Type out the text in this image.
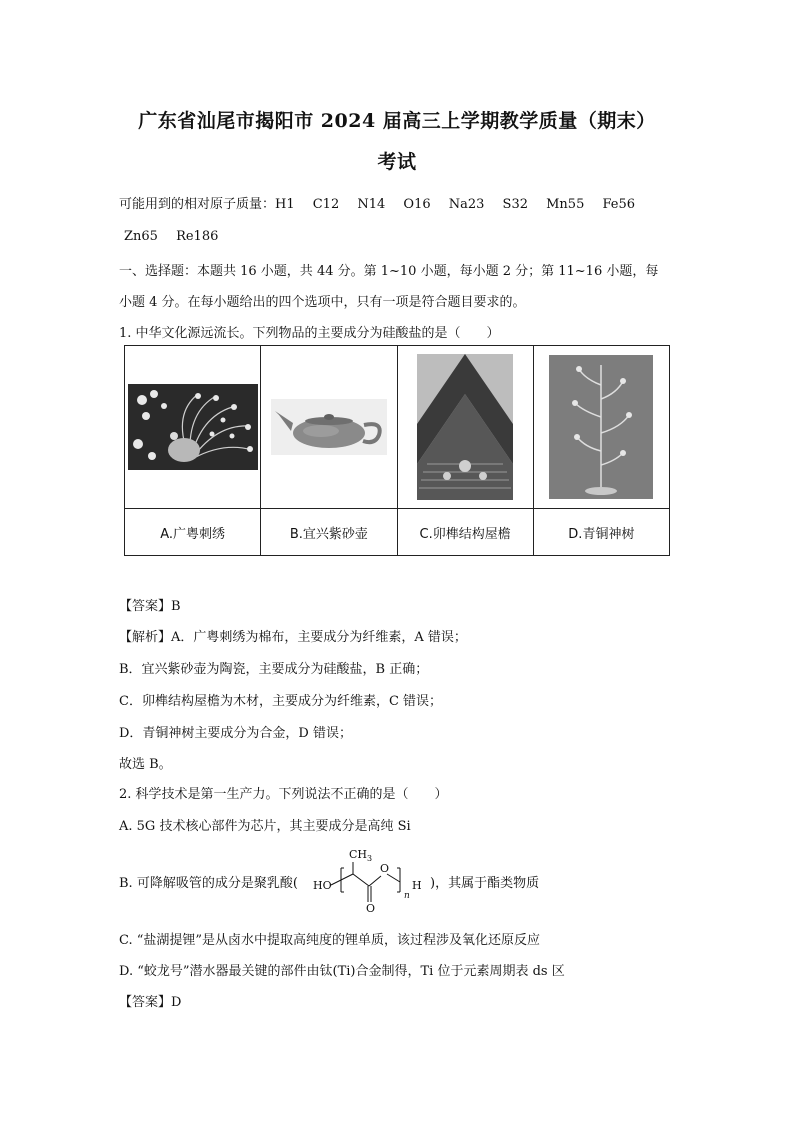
广东省汕尾市揭阳市 2024 届高三上学期教学质量（期末）
考试
可能用到的相对原子质量：H1 C12 N14 O16 Na23 S32 Mn55 Fe56
Zn65 Re186
一、选择题：本题共 16 小题，共 44 分。第 1~10 小题，每小题 2 分；第 11~16 小题，每
小题 4 分。在每小题给出的四个选项中，只有一项是符合题目要求的。
1. 中华文化源远流长。下列物品的主要成分为硅酸盐的是（　　）

A.广粤刺绣	B.宜兴紫砂壶	C.卯榫结构屋檐	D.青铜神树
【答案】B
【解析】A．广粤刺绣为棉布，主要成分为纤维素，A 错误；
B．宜兴紫砂壶为陶瓷，主要成分为硅酸盐，B 正确；
C．卯榫结构屋檐为木材，主要成分为纤维素，C 错误；
D．青铜神树主要成分为合金，D 错误；
故选 B。
2. 科学技术是第一生产力。下列说法不正确的是（　　）
A. 5G 技术核心部件为芯片，其主要成分是高纯 Si
B. 可降解吸管的成分是聚乳酸(
CH 3
HO
O
O
n
H )，其属于酯类物质
C. “盐湖提锂”是从卤水中提取高纯度的锂单质，该过程涉及氧化还原反应
D. “蛟龙号”潜水器最关键的部件由钛(Ti)合金制得，Ti 位于元素周期表 ds 区
【答案】D
